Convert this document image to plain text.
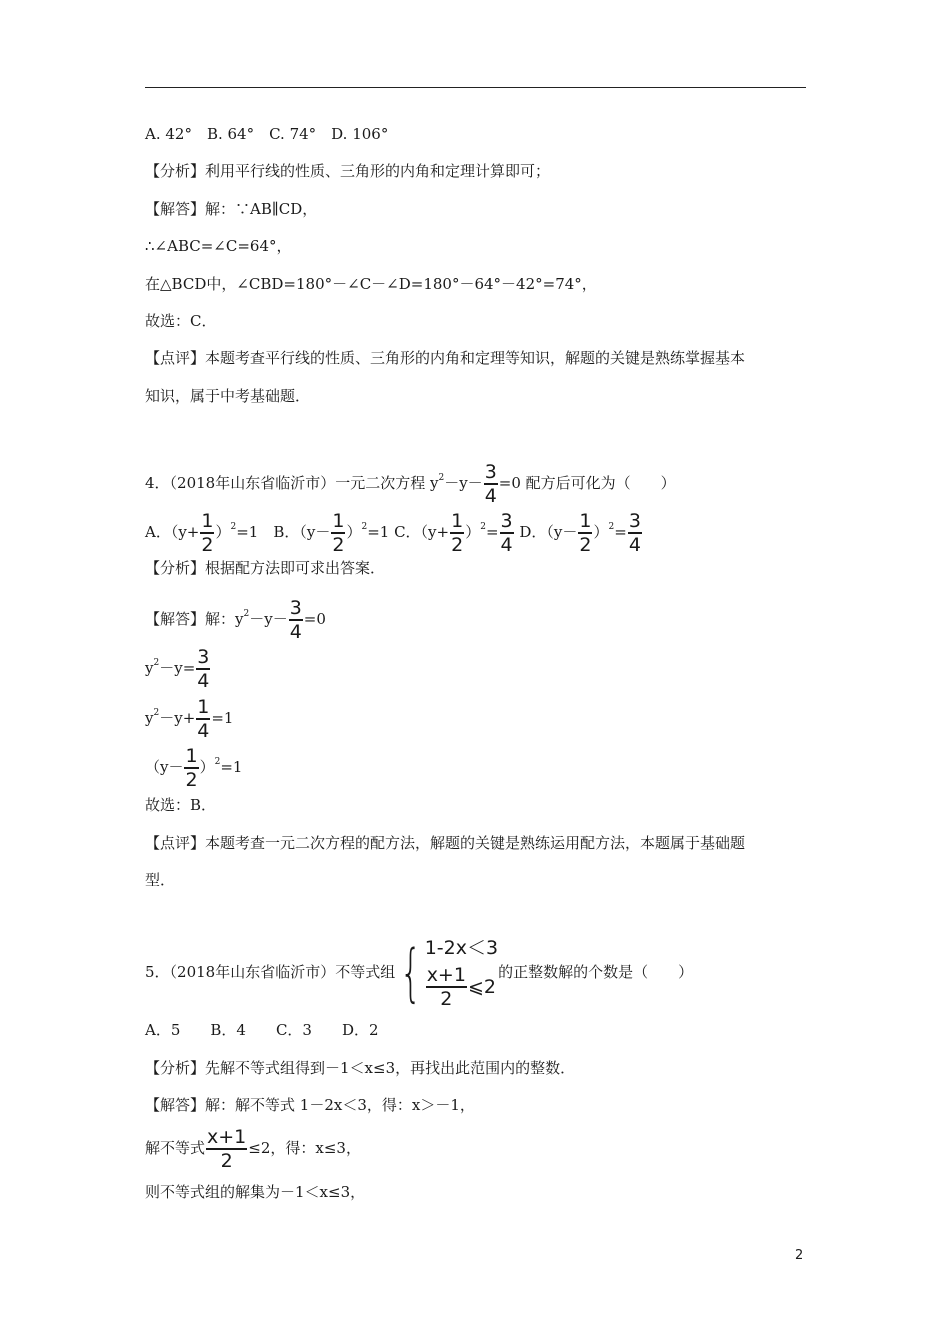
A. 42°　B. 64°　C. 74°　D. 106°
【分析】利用平行线的性质、三角形的内角和定理计算即可；
【解答】解：∵AB∥CD，
∴∠ABC=∠C=64°，
在△BCD中，∠CBD=180°－∠C－∠D=180°－64°－42°=74°，
故选：C．
【点评】本题考查平行线的性质、三角形的内角和定理等知识，解题的关键是熟练掌握基本
知识，属于中考基础题．
4．（2018年山东省临沂市）一元二次方程 $y^2-y- \frac{3}{4} =0$ 配方后可化为（　　）
A．$(y+ \frac{1}{2} )^2=1$　B．$(y- \frac{1}{2} )^2=1$ C．$(y+ \frac{1}{2} )^2= \frac{3}{4}$ D．$(y- \frac{1}{2} )^2= \frac{3}{4}$
【分析】根据配方法即可求出答案．
【解答】解：$y^2-y- \frac{3}{4} =0$
$y^2-y= \frac{3}{4}$
$y^2-y+ \frac{1}{4} =1$
$(y- \frac{1}{2} )^2=1$
故选：B．
【点评】本题考查一元二次方程的配方法，解题的关键是熟练运用配方法，本题属于基础题
型．
5．（2018年山东省临沂市）不等式组 { 1-2x＜3
$\frac{x+1}{2}$ ⩽2
的正整数解的个数是（　　）
A．5　　B．4　　C．3　　D．2
【分析】先解不等式组得到－1＜x≤3，再找出此范围内的整数．
【解答】解：解不等式 1－2x＜3，得：x＞－1，
解不等式 $\frac{x+1}{2} \le 2$，得：x≤3，
则不等式组的解集为－1＜x≤3，
2
